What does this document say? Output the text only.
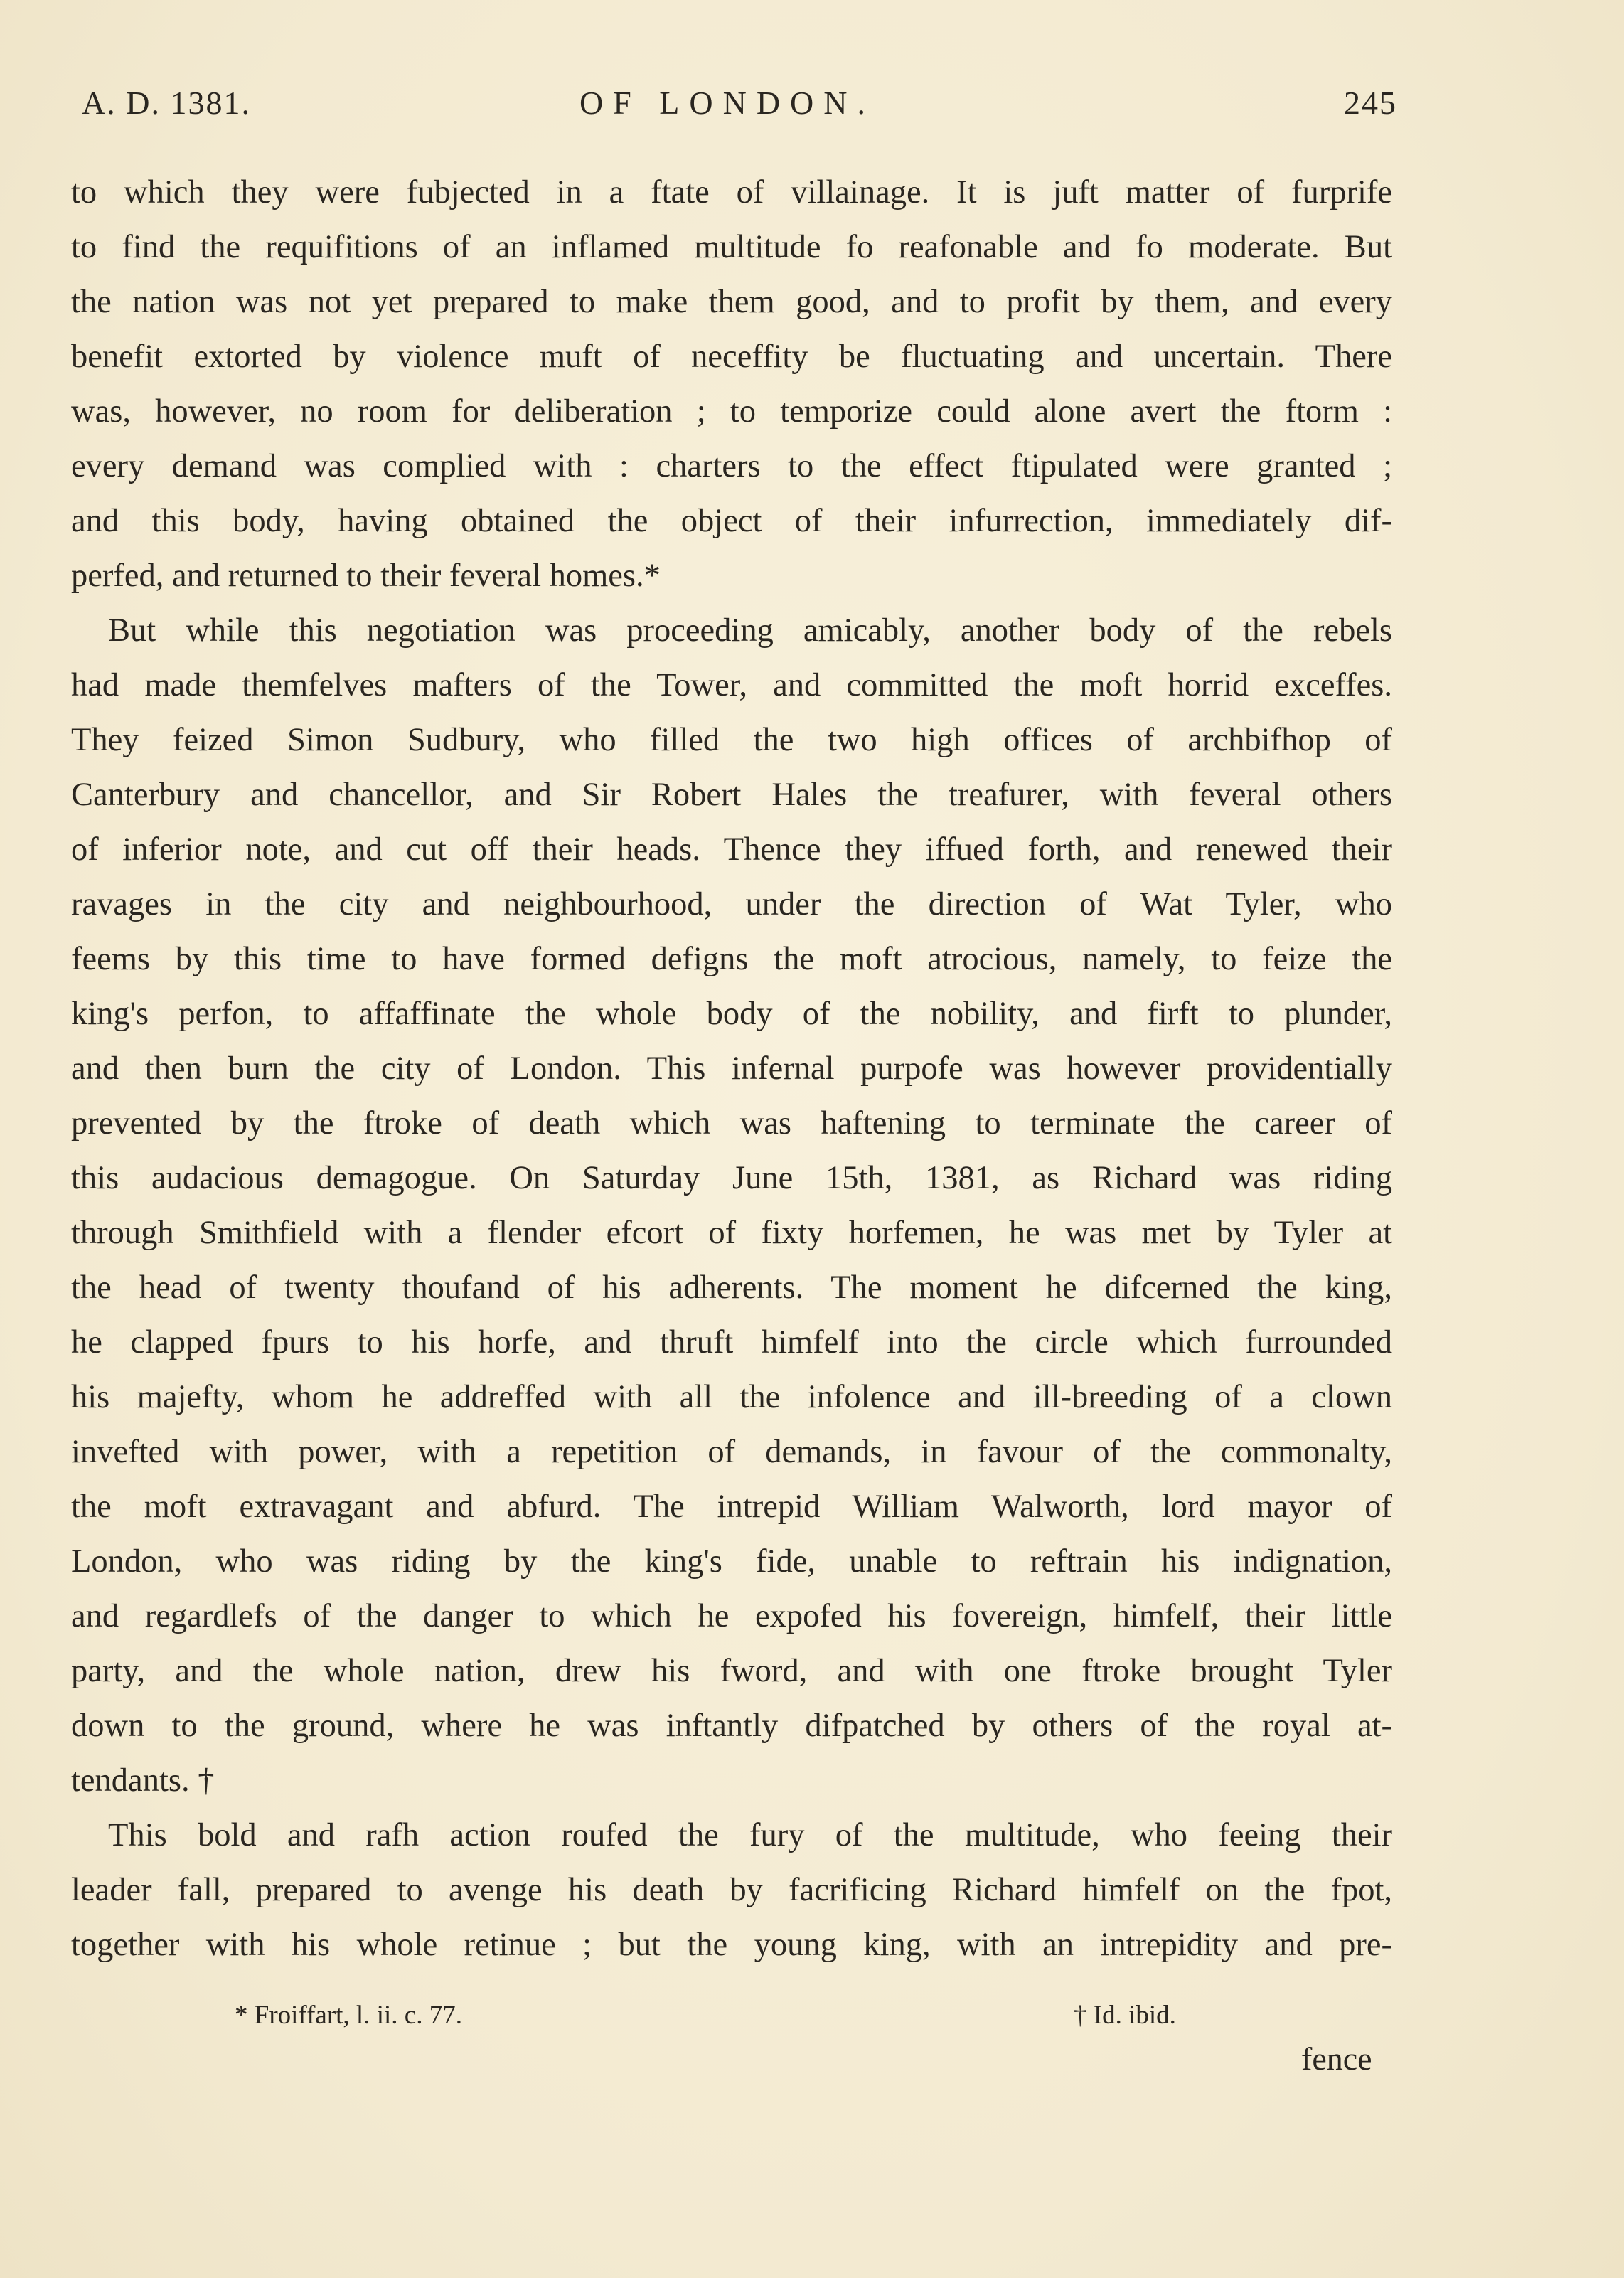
A. D. 1381.	OF LONDON.	245
to which they were fubjected in a ftate of villainage. It is juft matter of furprife
to find the requifitions of an inflamed multitude fo reafonable and fo moderate. But
the nation was not yet prepared to make them good, and to profit by them, and every
benefit extorted by violence muft of neceffity be fluctuating and uncertain. There
was, however, no room for deliberation ; to temporize could alone avert the ftorm :
every demand was complied with : charters to the effect ftipulated were granted ;
and this body, having obtained the object of their infurrection, immediately dif-
perfed, and returned to their feveral homes.*
But while this negotiation was proceeding amicably, another body of the rebels
had made themfelves mafters of the Tower, and committed the moft horrid exceffes.
They feized Simon Sudbury, who filled the two high offices of archbifhop of
Canterbury and chancellor, and Sir Robert Hales the treafurer, with feveral others
of inferior note, and cut off their heads. Thence they iffued forth, and renewed their
ravages in the city and neighbourhood, under the direction of Wat Tyler, who
feems by this time to have formed defigns the moft atrocious, namely, to feize the
king's perfon, to affaffinate the whole body of the nobility, and firft to plunder,
and then burn the city of London. This infernal purpofe was however providentially
prevented by the ftroke of death which was haftening to terminate the career of
this audacious demagogue. On Saturday June 15th, 1381, as Richard was riding
through Smithfield with a flender efcort of fixty horfemen, he was met by Tyler at
the head of twenty thoufand of his adherents. The moment he difcerned the king,
he clapped fpurs to his horfe, and thruft himfelf into the circle which furrounded
his majefty, whom he addreffed with all the infolence and ill-breeding of a clown
invefted with power, with a repetition of demands, in favour of the commonalty,
the moft extravagant and abfurd. The intrepid William Walworth, lord mayor of
London, who was riding by the king's fide, unable to reftrain his indignation,
and regardlefs of the danger to which he expofed his fovereign, himfelf, their little
party, and the whole nation, drew his fword, and with one ftroke brought Tyler
down to the ground, where he was inftantly difpatched by others of the royal at-
tendants. †
This bold and rafh action roufed the fury of the multitude, who feeing their
leader fall, prepared to avenge his death by facrificing Richard himfelf on the fpot,
together with his whole retinue ; but the young king, with an intrepidity and pre-
* Froiffart, l. ii. c. 77.	† Id. ibid.
fence
